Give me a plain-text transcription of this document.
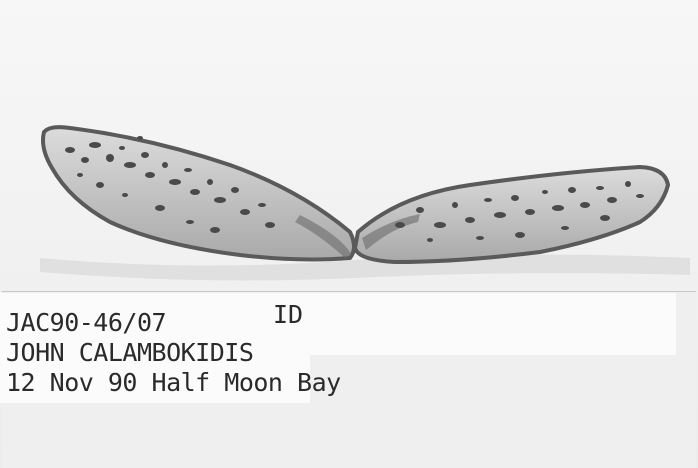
ID
JAC90-46/07
JOHN CALAMBOKIDIS
12 Nov 90 Half Moon Bay
